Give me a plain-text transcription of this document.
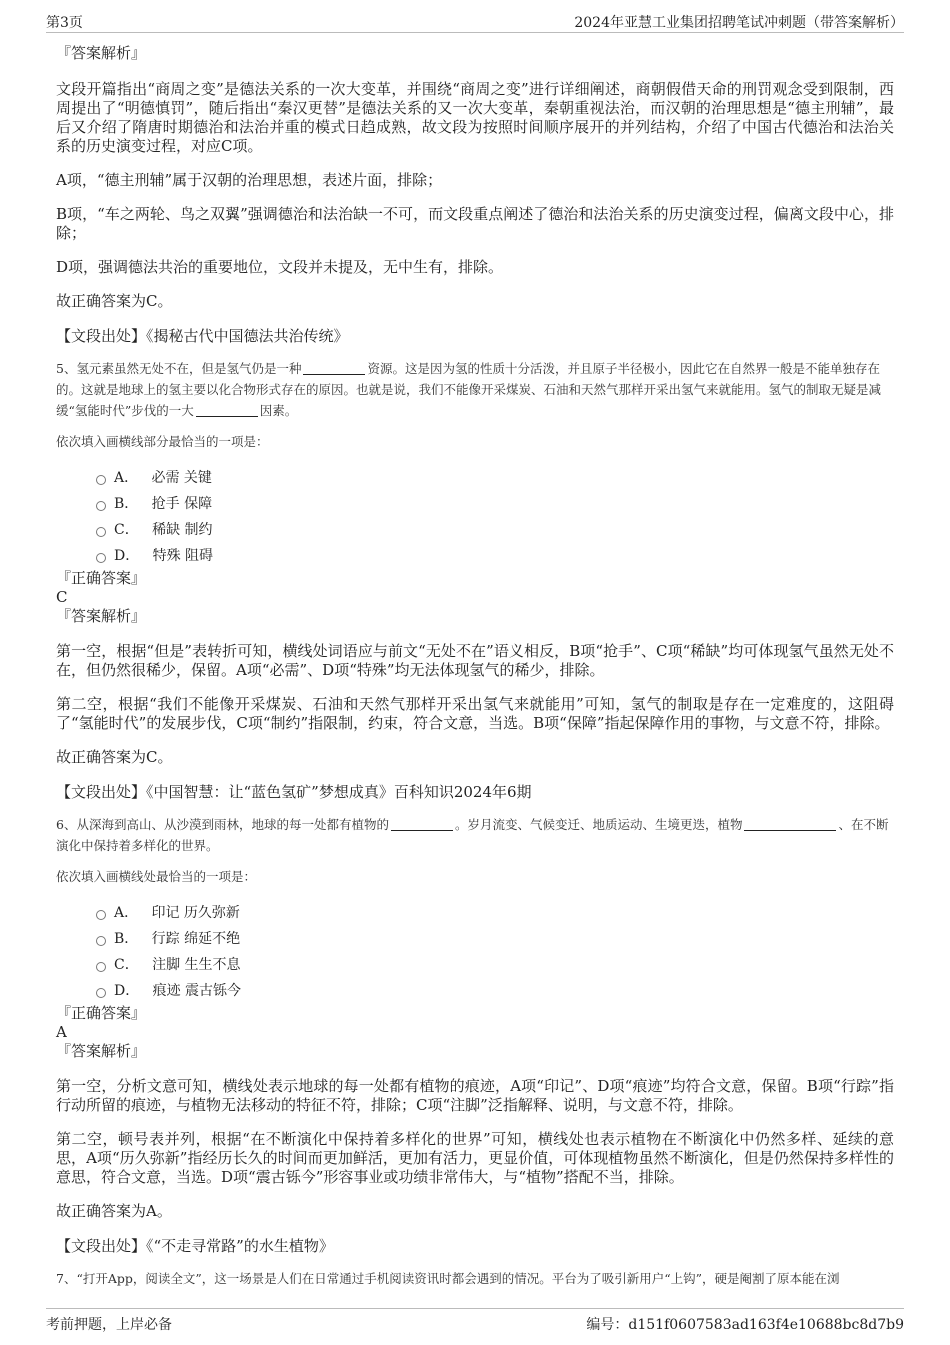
第3页	2024年亚慧工业集团招聘笔试冲刺题（带答案解析）

『答案解析』

文段开篇指出“商周之变”是德法关系的一次大变革，并围绕“商周之变”进行详细阐述，商朝假借天命的刑罚观念受到限制，西周提出了“明德慎罚”，随后指出“秦汉更替”是德法关系的又一次大变革，秦朝重视法治，而汉朝的治理思想是“德主刑辅”，最后又介绍了隋唐时期德治和法治并重的模式日趋成熟，故文段为按照时间顺序展开的并列结构，介绍了中国古代德治和法治关系的历史演变过程，对应C项。

A项，“德主刑辅”属于汉朝的治理思想，表述片面，排除；

B项，“车之两轮、鸟之双翼”强调德治和法治缺一不可，而文段重点阐述了德治和法治关系的历史演变过程，偏离文段中心，排除；

D项，强调德法共治的重要地位，文段并未提及，无中生有，排除。

故正确答案为C。

【文段出处】《揭秘古代中国德法共治传统》

5、氢元素虽然无处不在，但是氢气仍是一种	资源。这是因为氢的性质十分活泼，并且原子半径极小，因此它在自然界一般是不能单独存在的。这就是地球上的氢主要以化合物形式存在的原因。也就是说，我们不能像开采煤炭、石油和天然气那样开采出氢气来就能用。氢气的制取无疑是减缓“氢能时代”步伐的一大	因素。

依次填入画横线部分最恰当的一项是：

A． 必需 关键
B． 抢手 保障
C． 稀缺 制约
D． 特殊 阻碍

『正确答案』

C

『答案解析』

第一空，根据“但是”表转折可知，横线处词语应与前文“无处不在”语义相反，B项“抢手”、C项“稀缺”均可体现氢气虽然无处不在，但仍然很稀少，保留。A项“必需”、D项“特殊”均无法体现氢气的稀少，排除。

第二空，根据“我们不能像开采煤炭、石油和天然气那样开采出氢气来就能用”可知，氢气的制取是存在一定难度的，这阻碍了“氢能时代”的发展步伐，C项“制约”指限制，约束，符合文意，当选。B项“保障”指起保障作用的事物，与文意不符，排除。

故正确答案为C。

【文段出处】《中国智慧：让“蓝色氢矿”梦想成真》百科知识2024年6期

6、从深海到高山、从沙漠到雨林，地球的每一处都有植物的	。岁月流变、气候变迁、地质运动、生境更迭，植物	、在不断演化中保持着多样化的世界。

依次填入画横线处最恰当的一项是：

A． 印记 历久弥新
B． 行踪 绵延不绝
C． 注脚 生生不息
D． 痕迹 震古铄今

『正确答案』

A

『答案解析』

第一空，分析文意可知，横线处表示地球的每一处都有植物的痕迹，A项“印记”、D项“痕迹”均符合文意，保留。B项“行踪”指行动所留的痕迹，与植物无法移动的特征不符，排除；C项“注脚”泛指解释、说明，与文意不符，排除。

第二空，顿号表并列，根据“在不断演化中保持着多样化的世界”可知，横线处也表示植物在不断演化中仍然多样、延续的意思，A项“历久弥新”指经历长久的时间而更加鲜活，更加有活力，更显价值，可体现植物虽然不断演化，但是仍然保持多样性的意思，符合文意，当选。D项“震古铄今”形容事业或功绩非常伟大，与“植物”搭配不当，排除。

故正确答案为A。

【文段出处】《“不走寻常路”的水生植物》

7、“打开App，阅读全文”，这一场景是人们在日常通过手机阅读资讯时都会遇到的情况。平台为了吸引新用户“上钩”，硬是阉割了原本能在浏

考前押题，上岸必备	编号：d151f0607583ad163f4e10688bc8d7b9
